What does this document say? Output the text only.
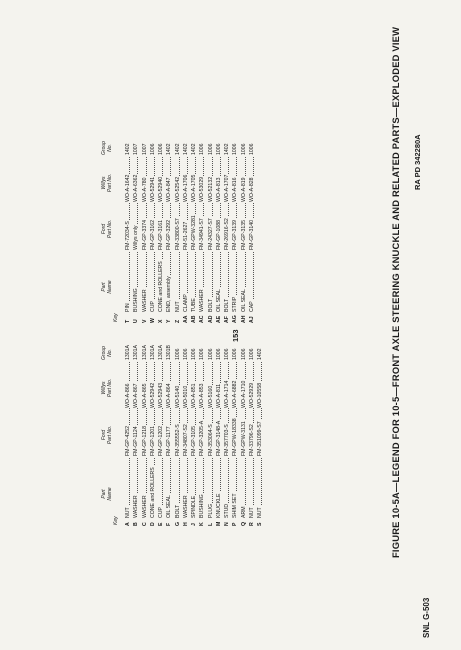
Key
Part Name
Ford Part No.
Willys Part No.
Group No.
A
NUT
FM-GP-4252
WO-A-866
1301A
B
WASHER
FM-GP-1124
WO-A-867
1301A
C
WASHER
FM-GP-1218
WO-A-865
1301A
D
CONE and ROLLERS
FM-GP-1201
WO-52942
1301A
E
CUP
FM-GP-1202
WO-52943
1301A
F
OIL SEAL
FM-GP-1177
WO-A-864
1301B
G
BOLT
FM-355552-S
WO-5140
1006
H
WASHER
FM-34807-S2
WO-5010
1006
J
SPINDLE
FM-GP-3105
WO-A-851
1006
K
BUSHING
FM-GP-3205-A
WO-A-853
1006
L
PLUG
FM-353064-S
WO-5160
1006
M
KNUCKLE
FM-GP-3148-A
WO-A-811
1006
N
STUD
FM-357703-S
WO-A-1714
1006
P
SHIM SET
FM-GPW-18338
WO-A-6882
1006
Q
ARM
FM-GPW-3131
WO-A-1710
1006
R
NUT
FM-33796-S2
WO-52929
1006
S
NUT
FM-351099-S7
WO-10558
1402
Key
Part Name
Ford Part No.
Willys Part No.
Group No.
T
PIN
FM-72034-S
WO-A-1642
1402
U
BUSHING
Willys only
WO-A-6362
1007
V
WASHER
FM-GP-3374
WO-A-780
1007
W
CUP
FM-GP-3162
WO-52941
1006
X
CONE and ROLLERS
FM-GP-3161
WO-52940
1006
Y
END, assembly
FM-GP-3292
WO-A-847
1402
Z
NUT
FM-33800-S7
WO-52542
1402
AA
CLAMP
FM-51-2627
WO-A-1706
1402
AB
TUBE
FM-GPW-3281
WO-A-1705
1402
AC
WASHER
FM-34941-S7
WO-53029
1006
AD
BOLT
FM-24327-S7
WO-52132
1006
AE
OIL SEAL
FM-GP-1088
WO-A-813
1006
AF
BOLT
FM-26916-S2
WO-A-1707
1402
AG
STRIP
FM-GP-3139
WO-A-816
1006
AH
OIL SEAL
FM-GP-3135
WO-A-819
1006
AJ
CAP
FM-GP-3140
WO-A-828
1006	FIGURE 10-5A—LEGEND FOR 10-5—FRONT AXLE STEERING KNUCKLE AND RELATED PARTS—EXPLODED VIEW RA PD 342280A
153
SNL G-503
